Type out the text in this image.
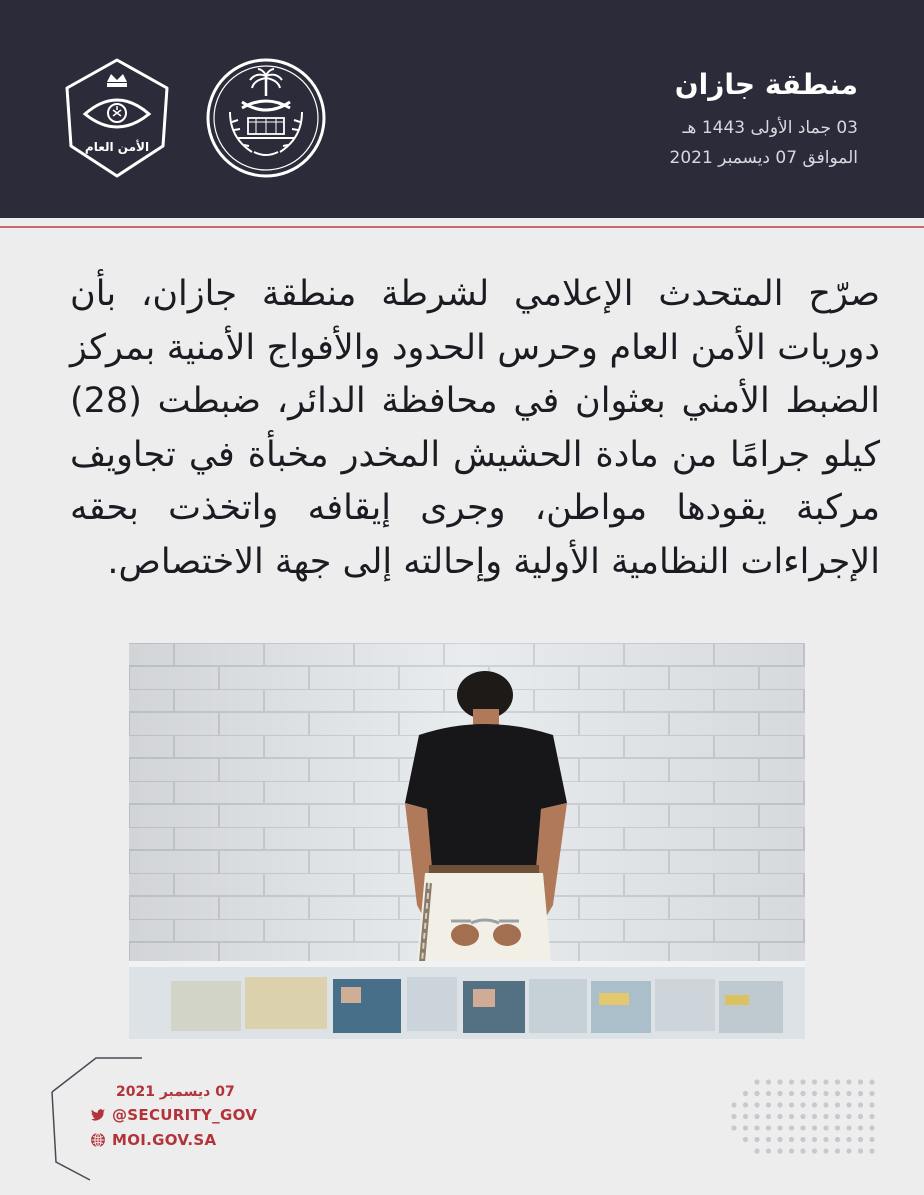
الأمن العام
منطقة جازان
03 جماد الأولى 1443 هـ
الموافق 07 ديسمبر 2021
صرّح المتحدث الإعلامي لشرطة منطقة جازان، بأن دوريات الأمن العام وحرس الحدود والأفواج الأمنية بمركز الضبط الأمني بعثوان في محافظة الدائر، ضبطت (28) كيلو جرامًا من مادة الحشيش المخدر مخبأة في تجاويف مركبة يقودها مواطن، وجرى إيقافه واتخذت بحقه الإجراءات النظامية الأولية وإحالته إلى جهة الاختصاص.
07 ديسمبر 2021
@SECURITY_GOV
MOI.GOV.SA
